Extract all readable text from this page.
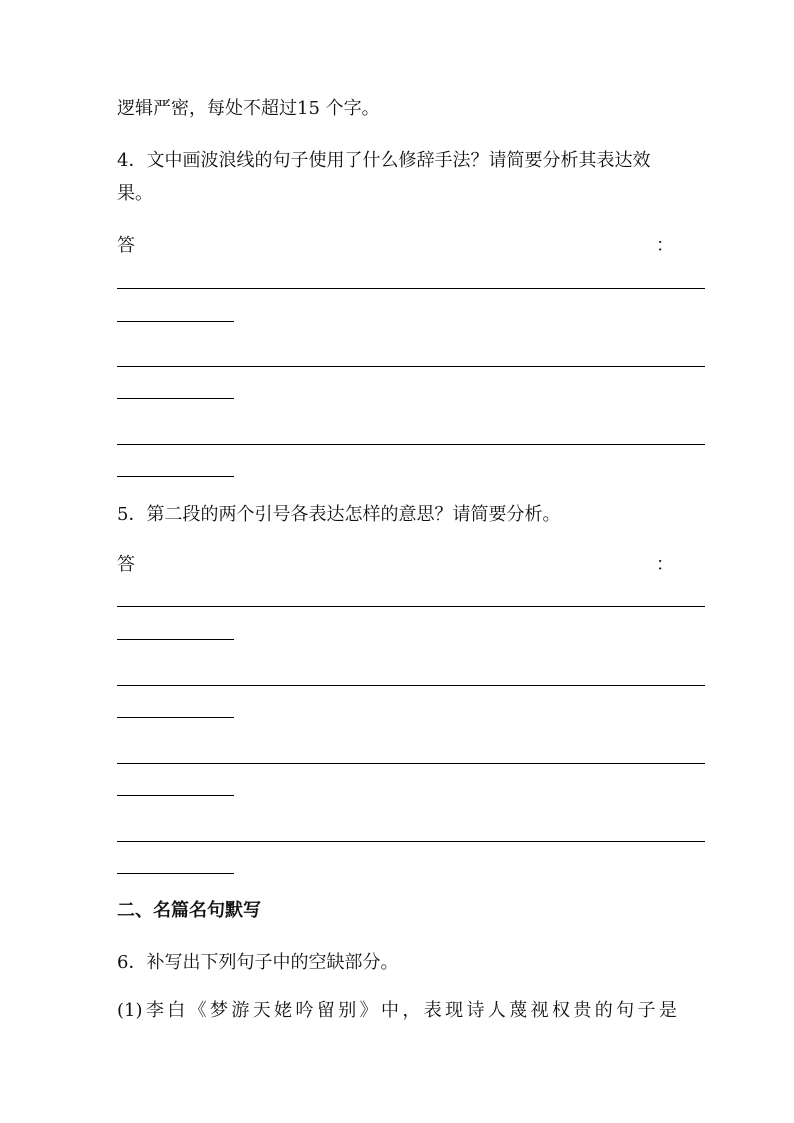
逻辑严密，每处不超过15 个字。
4．文中画波浪线的句子使用了什么修辞手法？请简要分析其表达效
果。
答	：
5．第二段的两个引号各表达怎样的意思？请简要分析。
答	：
二、名篇名句默写
6．补写出下列句子中的空缺部分。
(1) 李 白 《 梦 游 天 姥 吟 留 别 》 中 ， 表 现 诗 人 蔑 视 权 贵 的 句 子 是
